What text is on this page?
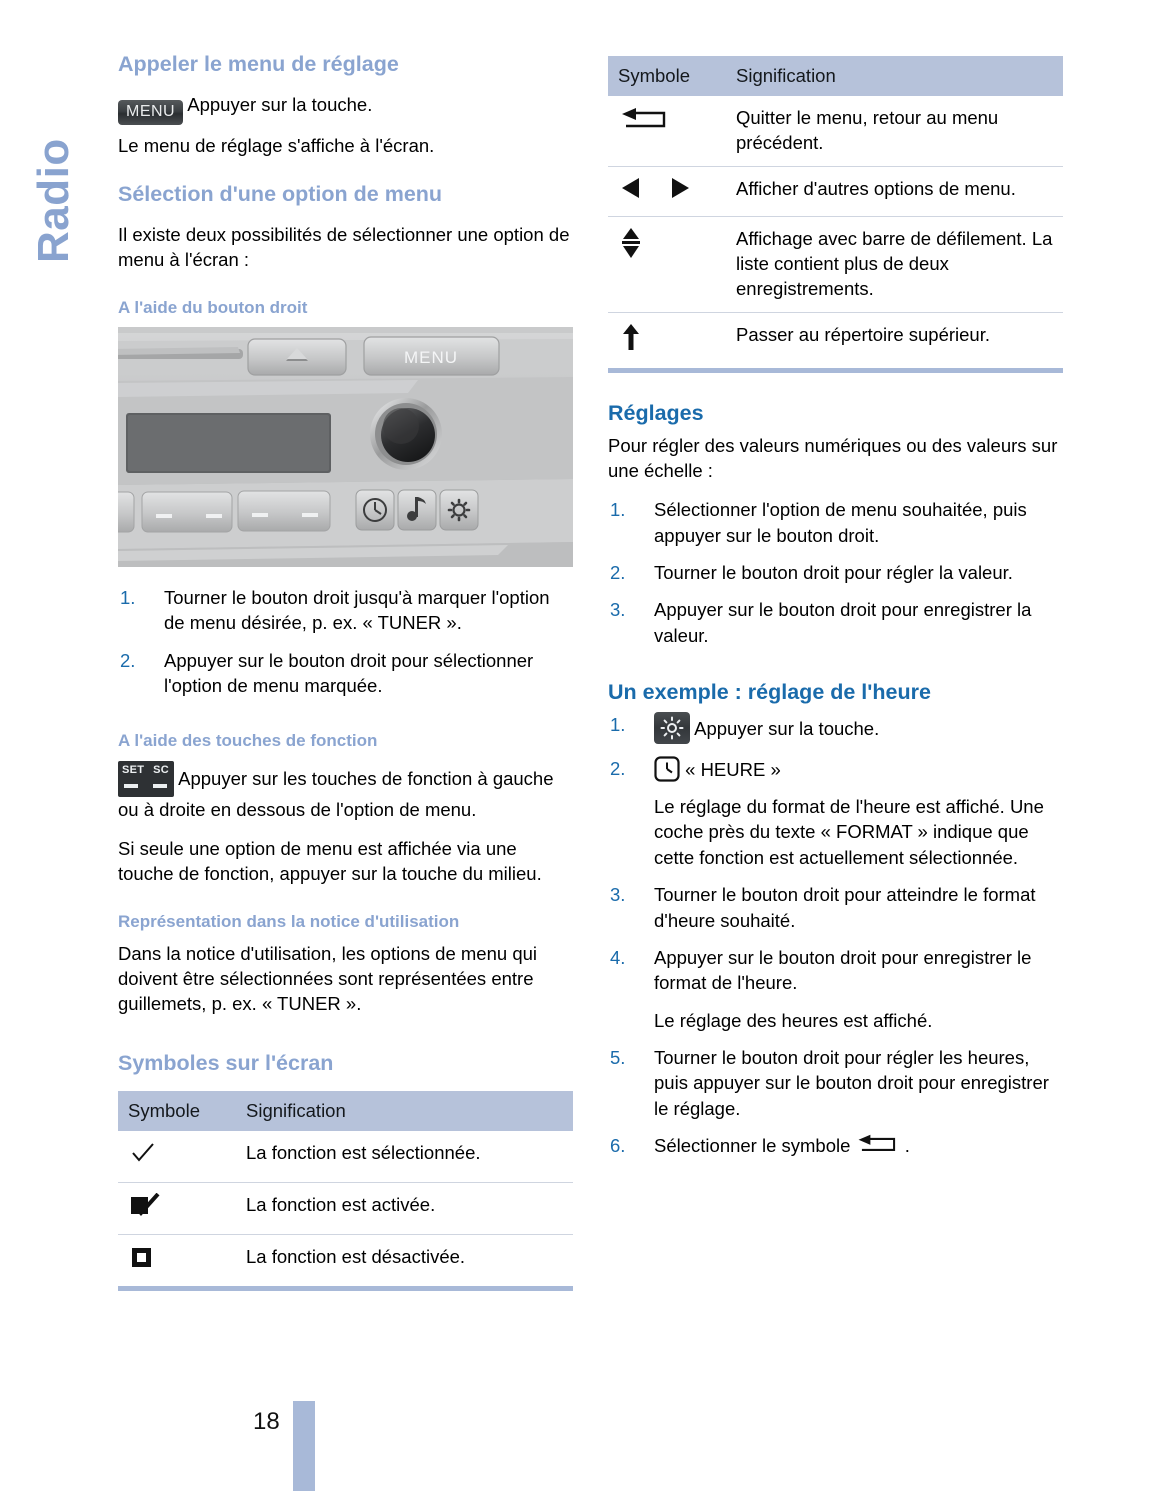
Radio
Appeler le menu de réglage

MENU Appuyer sur la touche.

Le menu de réglage s'affiche à l'écran.

Sélection d'une option de menu

Il existe deux possibilités de sélectionner une option de menu à l'écran :

A l'aide du bouton droit
MENU
1. Tourner le bouton droit jusqu'à marquer l'option de menu désirée, p. ex. « TUNER ».
2. Appuyer sur le bouton droit pour sélectionner l'option de menu marquée.
A l'aide des touches de fonction

SET SC Appuyer sur les touches de fonction à gauche ou à droite en dessous de l'option de menu.

Si seule une option de menu est affichée via une touche de fonction, appuyer sur la touche du milieu.

Représentation dans la notice d'utilisation

Dans la notice d'utilisation, les options de menu qui doivent être sélectionnées sont représentées entre guillemets, p. ex. « TUNER ».

Symboles sur l'écran
Symbole	Signification
	La fonction est sélectionnée.
	La fonction est activée.
	La fonction est désactivée.
Symbole	Signification
	Quitter le menu, retour au menu précédent.
	Afficher d'autres options de menu.
	Affichage avec barre de défilement. La liste contient plus de deux enregistrements.
	Passer au répertoire supérieur.
Réglages

Pour régler des valeurs numériques ou des valeurs sur une échelle :

1. Sélectionner l'option de menu souhaitée, puis appuyer sur le bouton droit.
2. Tourner le bouton droit pour régler la valeur.
3. Appuyer sur le bouton droit pour enregistrer la valeur.
Un exemple : réglage de l'heure
1.	Appuyer sur la touche.
2.	« HEURE »
Le réglage du format de l'heure est affiché. Une coche près du texte « FORMAT » indique que cette fonction est actuellement sélectionnée.
3. Tourner le bouton droit pour atteindre le format d'heure souhaité.
4. Appuyer sur le bouton droit pour enregistrer le format de l'heure.
Le réglage des heures est affiché.
5. Tourner le bouton droit pour régler les heures, puis appuyer sur le bouton droit pour enregistrer le réglage.
6. Sélectionner le symbole	.
18
